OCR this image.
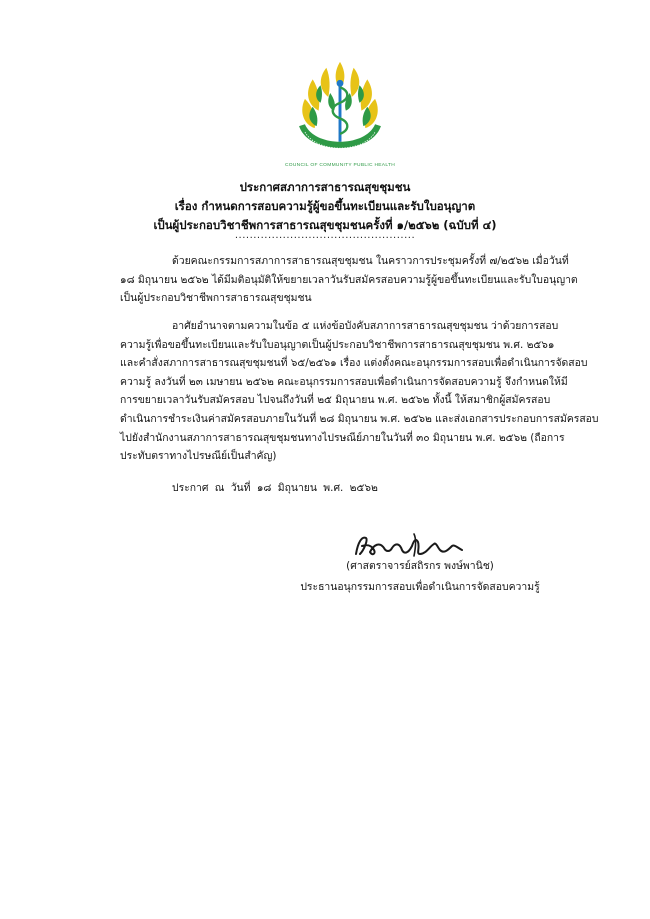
COUNCIL OF COMMUNITY PUBLIC HEALTH
ประกาศสภาการสาธารณสุขชุมชน
เรื่อง กำหนดการสอบความรู้ผู้ขอขึ้นทะเบียนและรับใบอนุญาต
เป็นผู้ประกอบวิชาชีพการสาธารณสุขชุมชนครั้งที่ ๑/๒๕๖๒ (ฉบับที่ ๔)
.................................................
ด้วยคณะกรรมการสภาการสาธารณสุขชุมชน ในคราวการประชุมครั้งที่ ๗/๒๕๖๒ เมื่อวันที่
๑๘ มิถุนายน ๒๕๖๒ ได้มีมติอนุมัติให้ขยายเวลาวันรับสมัครสอบความรู้ผู้ขอขึ้นทะเบียนและรับใบอนุญาต
เป็นผู้ประกอบวิชาชีพการสาธารณสุขชุมชน
อาศัยอำนาจตามความในข้อ ๕ แห่งข้อบังคับสภาการสาธารณสุขชุมชน ว่าด้วยการสอบ
ความรู้เพื่อขอขึ้นทะเบียนและรับใบอนุญาตเป็นผู้ประกอบวิชาชีพการสาธารณสุขชุมชน พ.ศ. ๒๕๖๑
และคำสั่งสภาการสาธารณสุขชุมชนที่ ๖๕/๒๕๖๑ เรื่อง แต่งตั้งคณะอนุกรรมการสอบเพื่อดำเนินการจัดสอบ
ความรู้ ลงวันที่ ๒๓ เมษายน ๒๕๖๒ คณะอนุกรรมการสอบเพื่อดำเนินการจัดสอบความรู้ จึงกำหนดให้มี
การขยายเวลาวันรับสมัครสอบ ไปจนถึงวันที่ ๒๕ มิถุนายน พ.ศ. ๒๕๖๒ ทั้งนี้ ให้สมาชิกผู้สมัครสอบ
ดำเนินการชำระเงินค่าสมัครสอบภายในวันที่ ๒๘ มิถุนายน พ.ศ. ๒๕๖๒ และส่งเอกสารประกอบการสมัครสอบ
ไปยังสำนักงานสภาการสาธารณสุขชุมชนทางไปรษณีย์ภายในวันที่ ๓๐ มิถุนายน พ.ศ. ๒๕๖๒ (ถือการ
ประทับตราทางไปรษณีย์เป็นสำคัญ)
ประกาศ ณ วันที่ ๑๘ มิถุนายน พ.ศ. ๒๕๖๒
(ศาสตราจารย์สถิรกร พงษ์พานิช)
ประธานอนุกรรมการสอบเพื่อดำเนินการจัดสอบความรู้
